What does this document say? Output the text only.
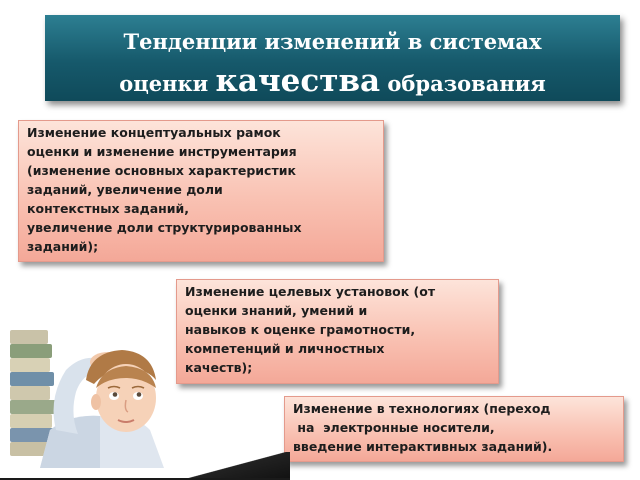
Тенденции изменений в системах
оценки качества образования
Изменение концептуальных рамок
оценки и изменение инструментария
(изменение основных характеристик
заданий, увеличение доли
контекстных заданий,
увеличение доли структурированных
заданий);
Изменение целевых установок (от
оценки знаний, умений и
навыков к оценке грамотности,
компетенций и личностных
качеств);
Изменение в технологиях (переход
на  электронные носители,
введение интерактивных заданий).
